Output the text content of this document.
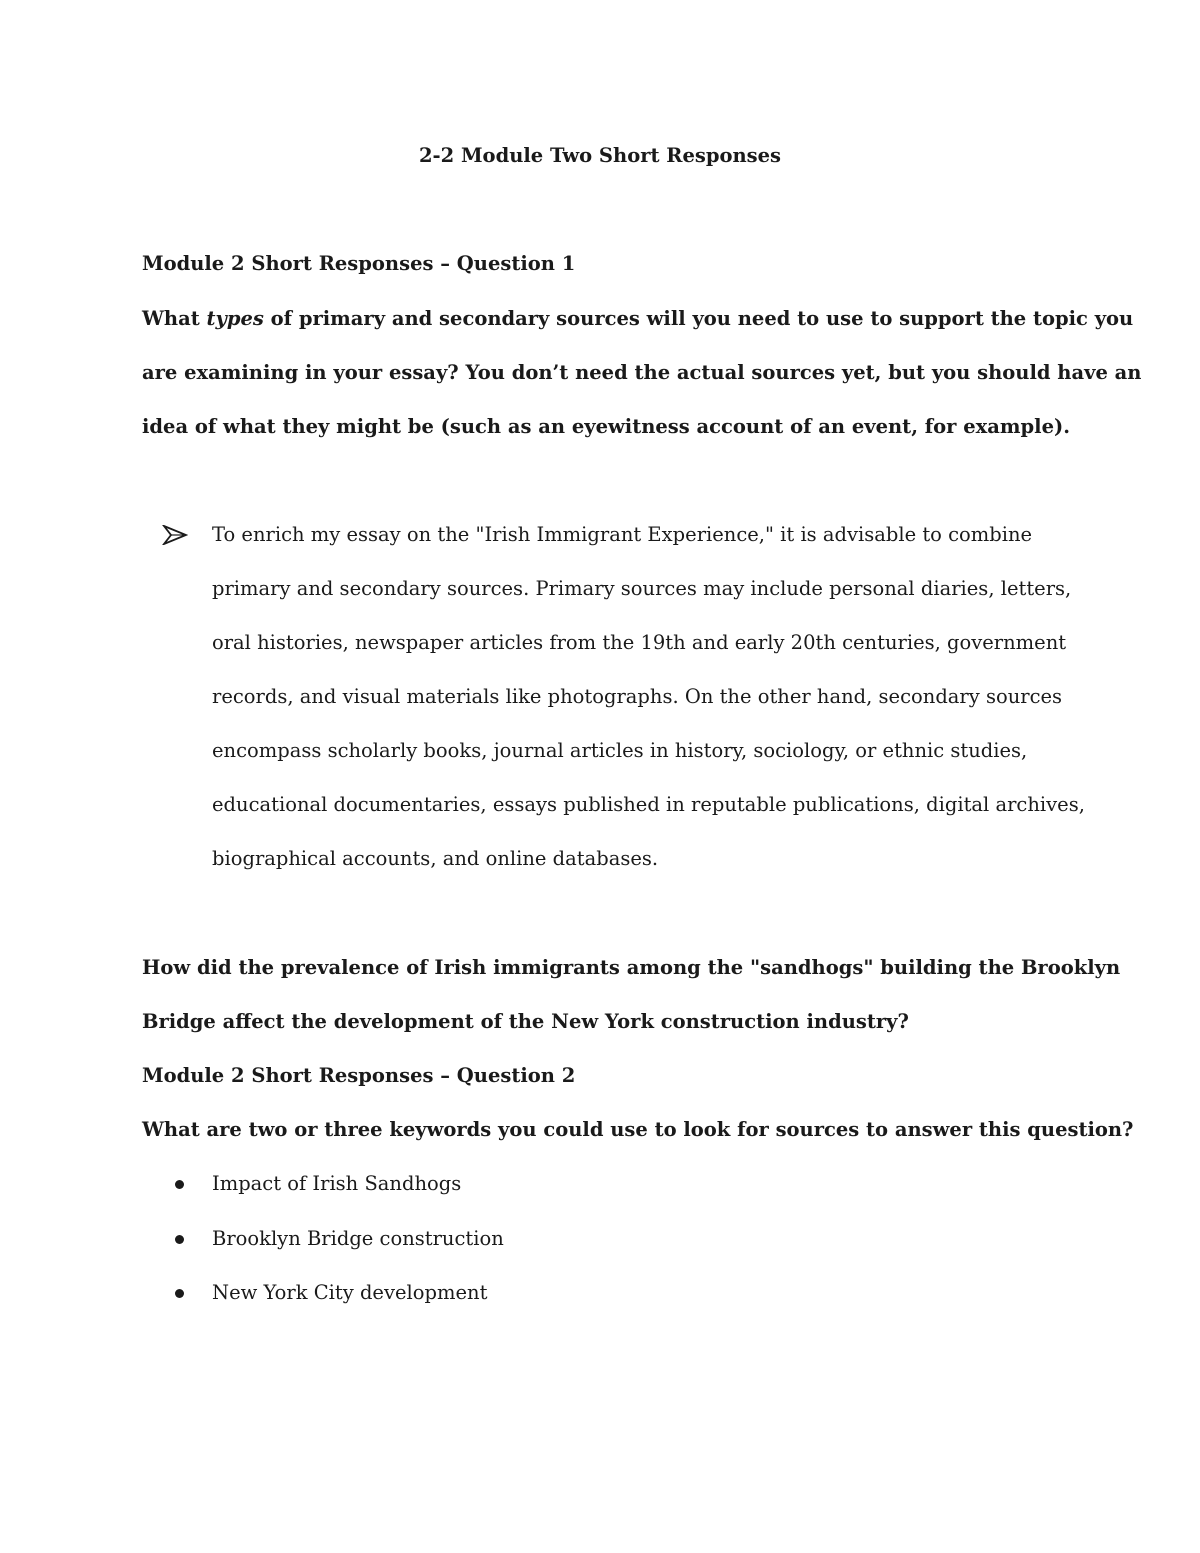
2-2 Module Two Short Responses
Module 2 Short Responses – Question 1
What types of primary and secondary sources will you need to use to support the topic you
are examining in your essay? You don’t need the actual sources yet, but you should have an
idea of what they might be (such as an eyewitness account of an event, for example).
To enrich my essay on the "Irish Immigrant Experience," it is advisable to combine
primary and secondary sources. Primary sources may include personal diaries, letters,
oral histories, newspaper articles from the 19th and early 20th centuries, government
records, and visual materials like photographs. On the other hand, secondary sources
encompass scholarly books, journal articles in history, sociology, or ethnic studies,
educational documentaries, essays published in reputable publications, digital archives,
biographical accounts, and online databases.
How did the prevalence of Irish immigrants among the "sandhogs" building the Brooklyn
Bridge affect the development of the New York construction industry?
Module 2 Short Responses – Question 2
What are two or three keywords you could use to look for sources to answer this question?
Impact of Irish Sandhogs
Brooklyn Bridge construction
New York City development
